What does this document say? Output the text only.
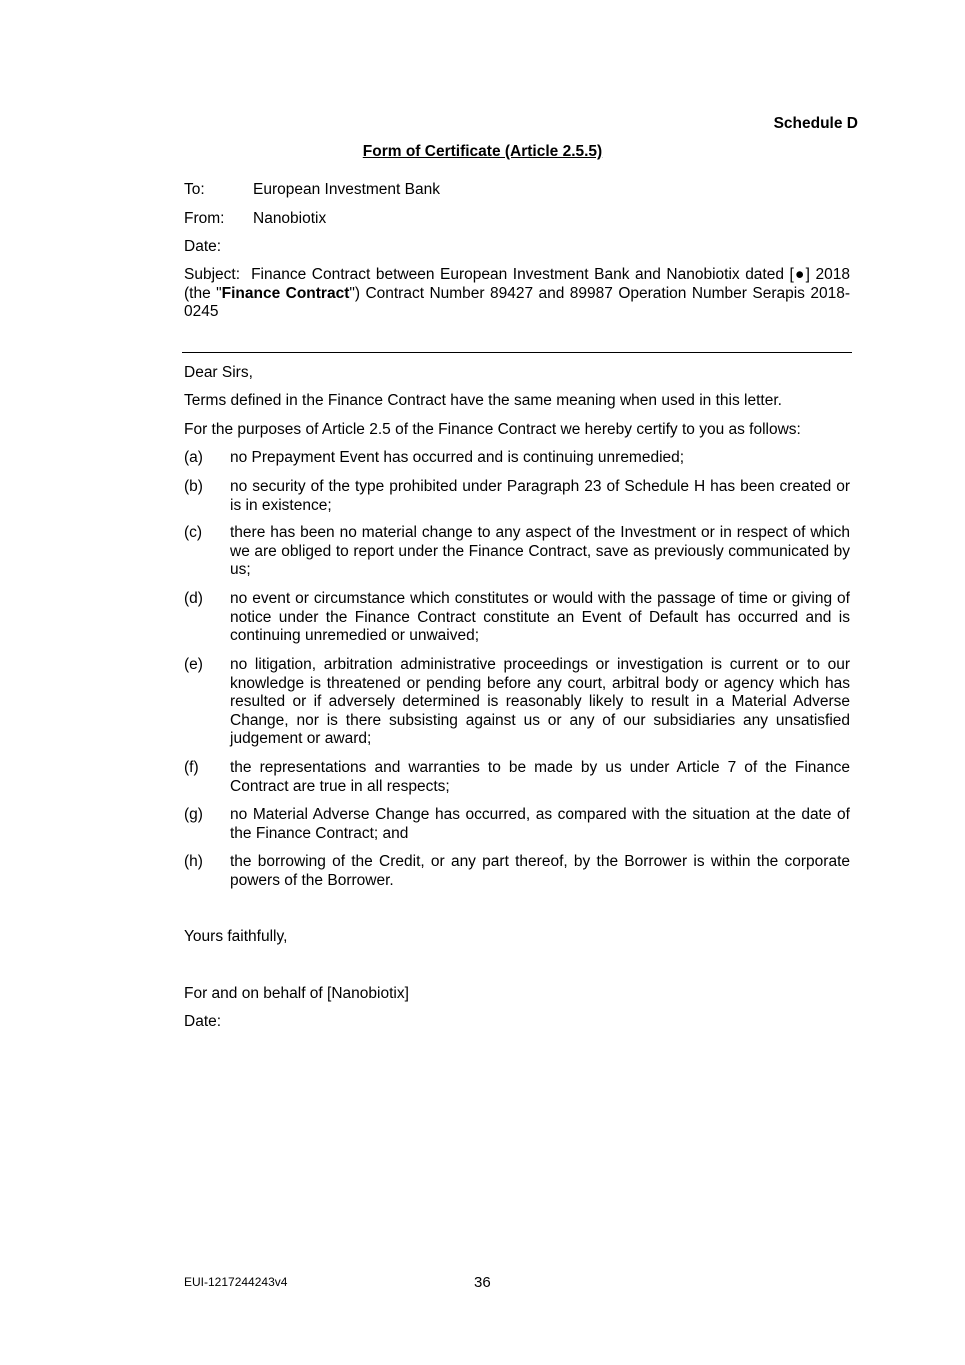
Schedule D
Form of Certificate (Article 2.5.5)
To:	European Investment Bank
From: Nanobiotix
Date:
Subject: Finance Contract between European Investment Bank and Nanobiotix dated [●] 2018 (the "Finance Contract") Contract Number 89427 and 89987 Operation Number Serapis 2018-0245
Dear Sirs,
Terms defined in the Finance Contract have the same meaning when used in this letter.
For the purposes of Article 2.5 of the Finance Contract we hereby certify to you as follows:
(a)	no Prepayment Event has occurred and is continuing unremedied;
(b)	no security of the type prohibited under Paragraph 23 of Schedule H has been created or is in existence;
(c)	there has been no material change to any aspect of the Investment or in respect of which we are obliged to report under the Finance Contract, save as previously communicated by us;
(d)	no event or circumstance which constitutes or would with the passage of time or giving of notice under the Finance Contract constitute an Event of Default has occurred and is continuing unremedied or unwaived;
(e)	no litigation, arbitration administrative proceedings or investigation is current or to our knowledge is threatened or pending before any court, arbitral body or agency which has resulted or if adversely determined is reasonably likely to result in a Material Adverse Change, nor is there subsisting against us or any of our subsidiaries any unsatisfied judgement or award;
(f)	the representations and warranties to be made by us under Article 7 of the Finance Contract are true in all respects;
(g)	no Material Adverse Change has occurred, as compared with the situation at the date of the Finance Contract; and
(h)	the borrowing of the Credit, or any part thereof, by the Borrower is within the corporate powers of the Borrower.
Yours faithfully,
For and on behalf of [Nanobiotix]
Date:
EUI-1217244243v4	36
